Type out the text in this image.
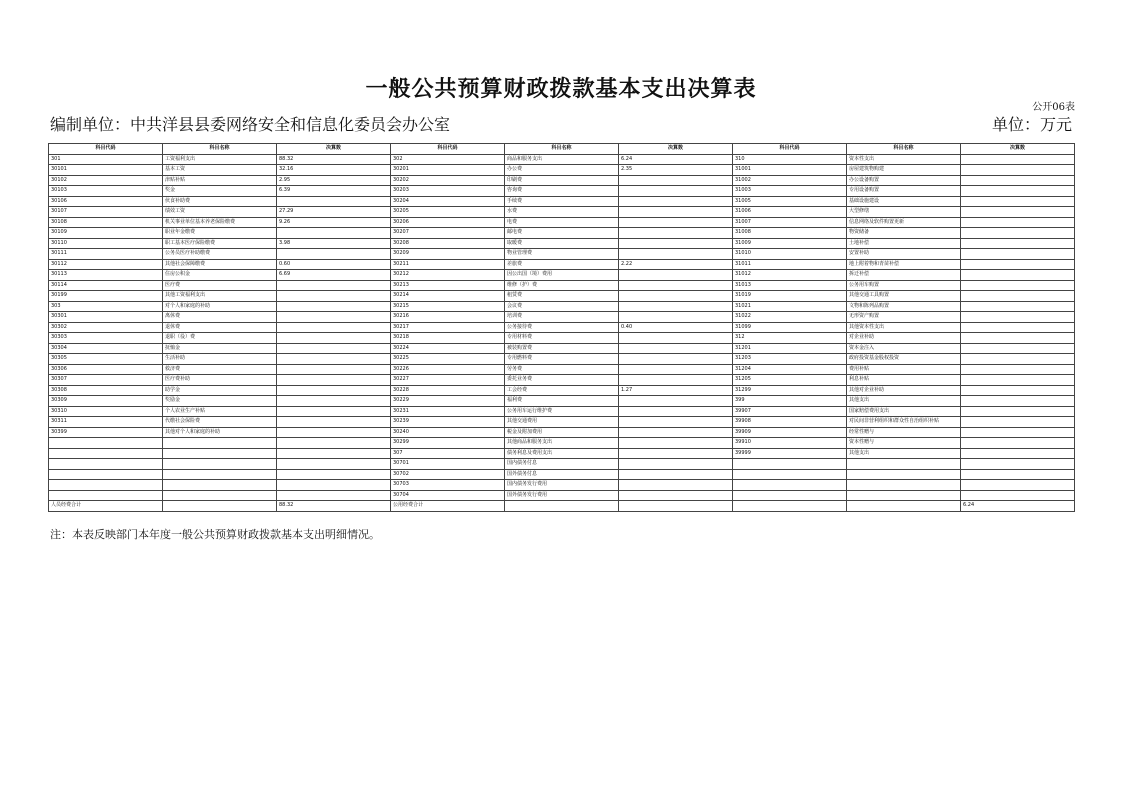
一般公共预算财政拨款基本支出决算表
公开06表
编制单位：中共洋县县委网络安全和信息化委员会办公室	单位：万元
科目代码	科目名称	决算数	科目代码	科目名称	决算数	科目代码	科目名称	决算数
301	工资福利支出	88.32	302	商品和服务支出	6.24	310	资本性支出	
30101	基本工资	32.16	30201	办公费	2.35	31001	房屋建筑物购建	
30102	津贴补贴	2.95	30202	印刷费		31002	办公设备购置	
30103	奖金	6.39	30203	咨询费		31003	专用设备购置	
30106	伙食补助费		30204	手续费		31005	基础设施建设	
30107	绩效工资	27.29	30205	水费		31006	大型修缮	
30108	机关事业单位基本养老保险缴费	9.26	30206	电费		31007	信息网络及软件购置更新	
30109	职业年金缴费		30207	邮电费		31008	物资储备	
30110	职工基本医疗保险缴费	3.98	30208	取暖费		31009	土地补偿	
30111	公务员医疗补助缴费		30209	物业管理费		31010	安置补助	
30112	其他社会保障缴费	0.60	30211	差旅费	2.22	31011	地上附着物和青苗补偿	
30113	住房公积金	6.69	30212	因公出国（境）费用		31012	拆迁补偿	
30114	医疗费		30213	维修（护）费		31013	公务用车购置	
30199	其他工资福利支出		30214	租赁费		31019	其他交通工具购置	
303	对个人和家庭的补助		30215	会议费		31021	文物和陈列品购置	
30301	离休费		30216	培训费		31022	无形资产购置	
30302	退休费		30217	公务接待费	0.40	31099	其他资本性支出	
30303	退职（役）费		30218	专用材料费		312	对企业补助	
30304	抚恤金		30224	被装购置费		31201	资本金注入	
30305	生活补助		30225	专用燃料费		31203	政府投资基金股权投资	
30306	救济费		30226	劳务费		31204	费用补贴	
30307	医疗费补助		30227	委托业务费		31205	利息补贴	
30308	助学金		30228	工会经费	1.27	31299	其他对企业补助	
30309	奖励金		30229	福利费		399	其他支出	
30310	个人农业生产补贴		30231	公务用车运行维护费		39907	国家赔偿费用支出	
30311	代缴社会保险费		30239	其他交通费用		39908	对民间非营利组织和群众性自治组织补贴	
30399	其他对个人和家庭的补助		30240	税金及附加费用		39909	经常性赠与	
			30299	其他商品和服务支出		39910	资本性赠与	
			307	债务利息及费用支出		39999	其他支出	
			30701	国内债务付息				
			30702	国外债务付息				
			30703	国内债务发行费用				
			30704	国外债务发行费用				
人员经费合计		88.32	公用经费合计					6.24
注：本表反映部门本年度一般公共预算财政拨款基本支出明细情况。
